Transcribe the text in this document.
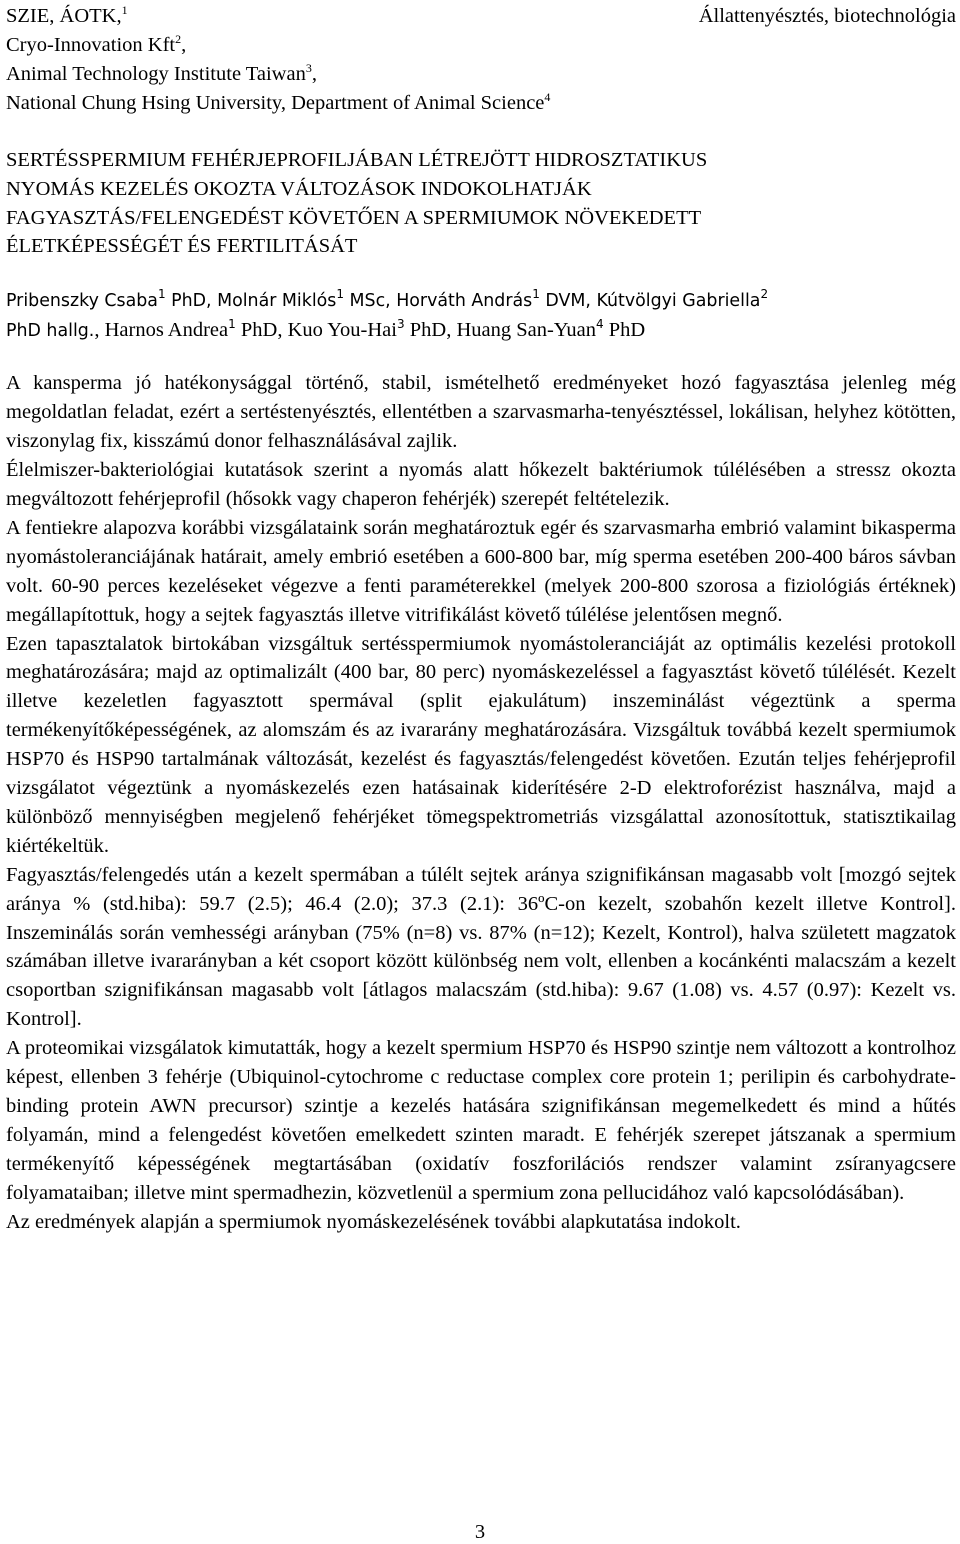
SZIE, ÁOTK,$^1$	Állattenyésztés, biotechnológia
Cryo-Innovation Kft$^2$,
Animal Technology Institute Taiwan$^3$,
National Chung Hsing University, Department of Animal Science$^4$
SERTÉSSPERMIUM FEHÉRJEPROFILJÁBAN LÉTREJÖTT HIDROSZTATIKUS
NYOMÁS KEZELÉS OKOZTA VÁLTOZÁSOK INDOKOLHATJÁK
FAGYASZTÁS/FELENGEDÉST KÖVETŐEN A SPERMIUMOK NÖVEKEDETT
ÉLETKÉPESSÉGÉT ÉS FERTILITÁSÁT
Pribenszky Csaba$^1$ PhD, Molnár Miklós$^1$ MSc, Horváth András$^1$ DVM, Kútvölgyi Gabriella$^2$
PhD hallg., Harnos Andrea$^1$ PhD, Kuo You-Hai$^3$ PhD, Huang San-Yuan$^4$ PhD

A kansperma jó hatékonysággal történő, stabil, ismételhető eredményeket hozó fagyasztása jelenleg még megoldatlan feladat, ezért a sertéstenyésztés, ellentétben a szarvasmarha-tenyésztéssel, lokálisan, helyhez kötötten, viszonylag fix, kisszámú donor felhasználásával zajlik.

Élelmiszer-bakteriológiai kutatások szerint a nyomás alatt hőkezelt baktériumok túlélésében a stressz okozta megváltozott fehérjeprofil (hősokk vagy chaperon fehérjék) szerepét feltételezik.

A fentiekre alapozva korábbi vizsgálataink során meghatároztuk egér és szarvasmarha embrió valamint bikasperma nyomástoleranciájának határait, amely embrió esetében a 600-800 bar, míg sperma esetében 200-400 báros sávban volt. 60-90 perces kezeléseket végezve a fenti paraméterekkel (melyek 200-800 szorosa a fiziológiás értéknek) megállapítottuk, hogy a sejtek fagyasztás illetve vitrifikálást követő túlélése jelentősen megnő.

Ezen tapasztalatok birtokában vizsgáltuk sertésspermiumok nyomástoleranciáját az optimális kezelési protokoll meghatározására; majd az optimalizált (400 bar, 80 perc) nyomáskezeléssel a fagyasztást követő túlélését. Kezelt illetve kezeletlen fagyasztott spermával (split ejakulátum) inszeminálást végeztünk a sperma termékenyítőképességének, az alomszám és az ivararány meghatározására. Vizsgáltuk továbbá kezelt spermiumok HSP70 és HSP90 tartalmának változását, kezelést és fagyasztás/felengedést követően. Ezután teljes fehérjeprofil vizsgálatot végeztünk a nyomáskezelés ezen hatásainak kiderítésére 2-D elektroforézist használva, majd a különböző mennyiségben megjelenő fehérjéket tömegspektrometriás vizsgálattal azonosítottuk, statisztikailag kiértékeltük.

Fagyasztás/felengedés után a kezelt spermában a túlélt sejtek aránya szignifikánsan magasabb volt [mozgó sejtek aránya % (std.hiba): 59.7 (2.5); 46.4 (2.0); 37.3 (2.1): 36ºC-on kezelt, szobahőn kezelt illetve Kontrol]. Inszeminálás során vemhességi arányban (75% (n=8) vs. 87% (n=12); Kezelt, Kontrol), halva született magzatok számában illetve ivararányban a két csoport között különbség nem volt, ellenben a kocánkénti malacszám a kezelt csoportban szignifikánsan magasabb volt [átlagos malacszám (std.hiba): 9.67 (1.08) vs. 4.57 (0.97): Kezelt vs. Kontrol].

A proteomikai vizsgálatok kimutatták, hogy a kezelt spermium HSP70 és HSP90 szintje nem változott a kontrolhoz képest, ellenben 3 fehérje (Ubiquinol-cytochrome c reductase complex core protein 1; perilipin és carbohydrate-binding protein AWN precursor) szintje a kezelés hatására szignifikánsan megemelkedett és mind a hűtés folyamán, mind a felengedést követően emelkedett szinten maradt. E fehérjék szerepet játszanak a spermium termékenyítő képességének megtartásában (oxidatív foszforilációs rendszer valamint zsíranyagcsere folyamataiban; illetve mint spermadhezin, közvetlenül a spermium zona pellucidához való kapcsolódásában).

Az eredmények alapján a spermiumok nyomáskezelésének további alapkutatása indokolt.

3
